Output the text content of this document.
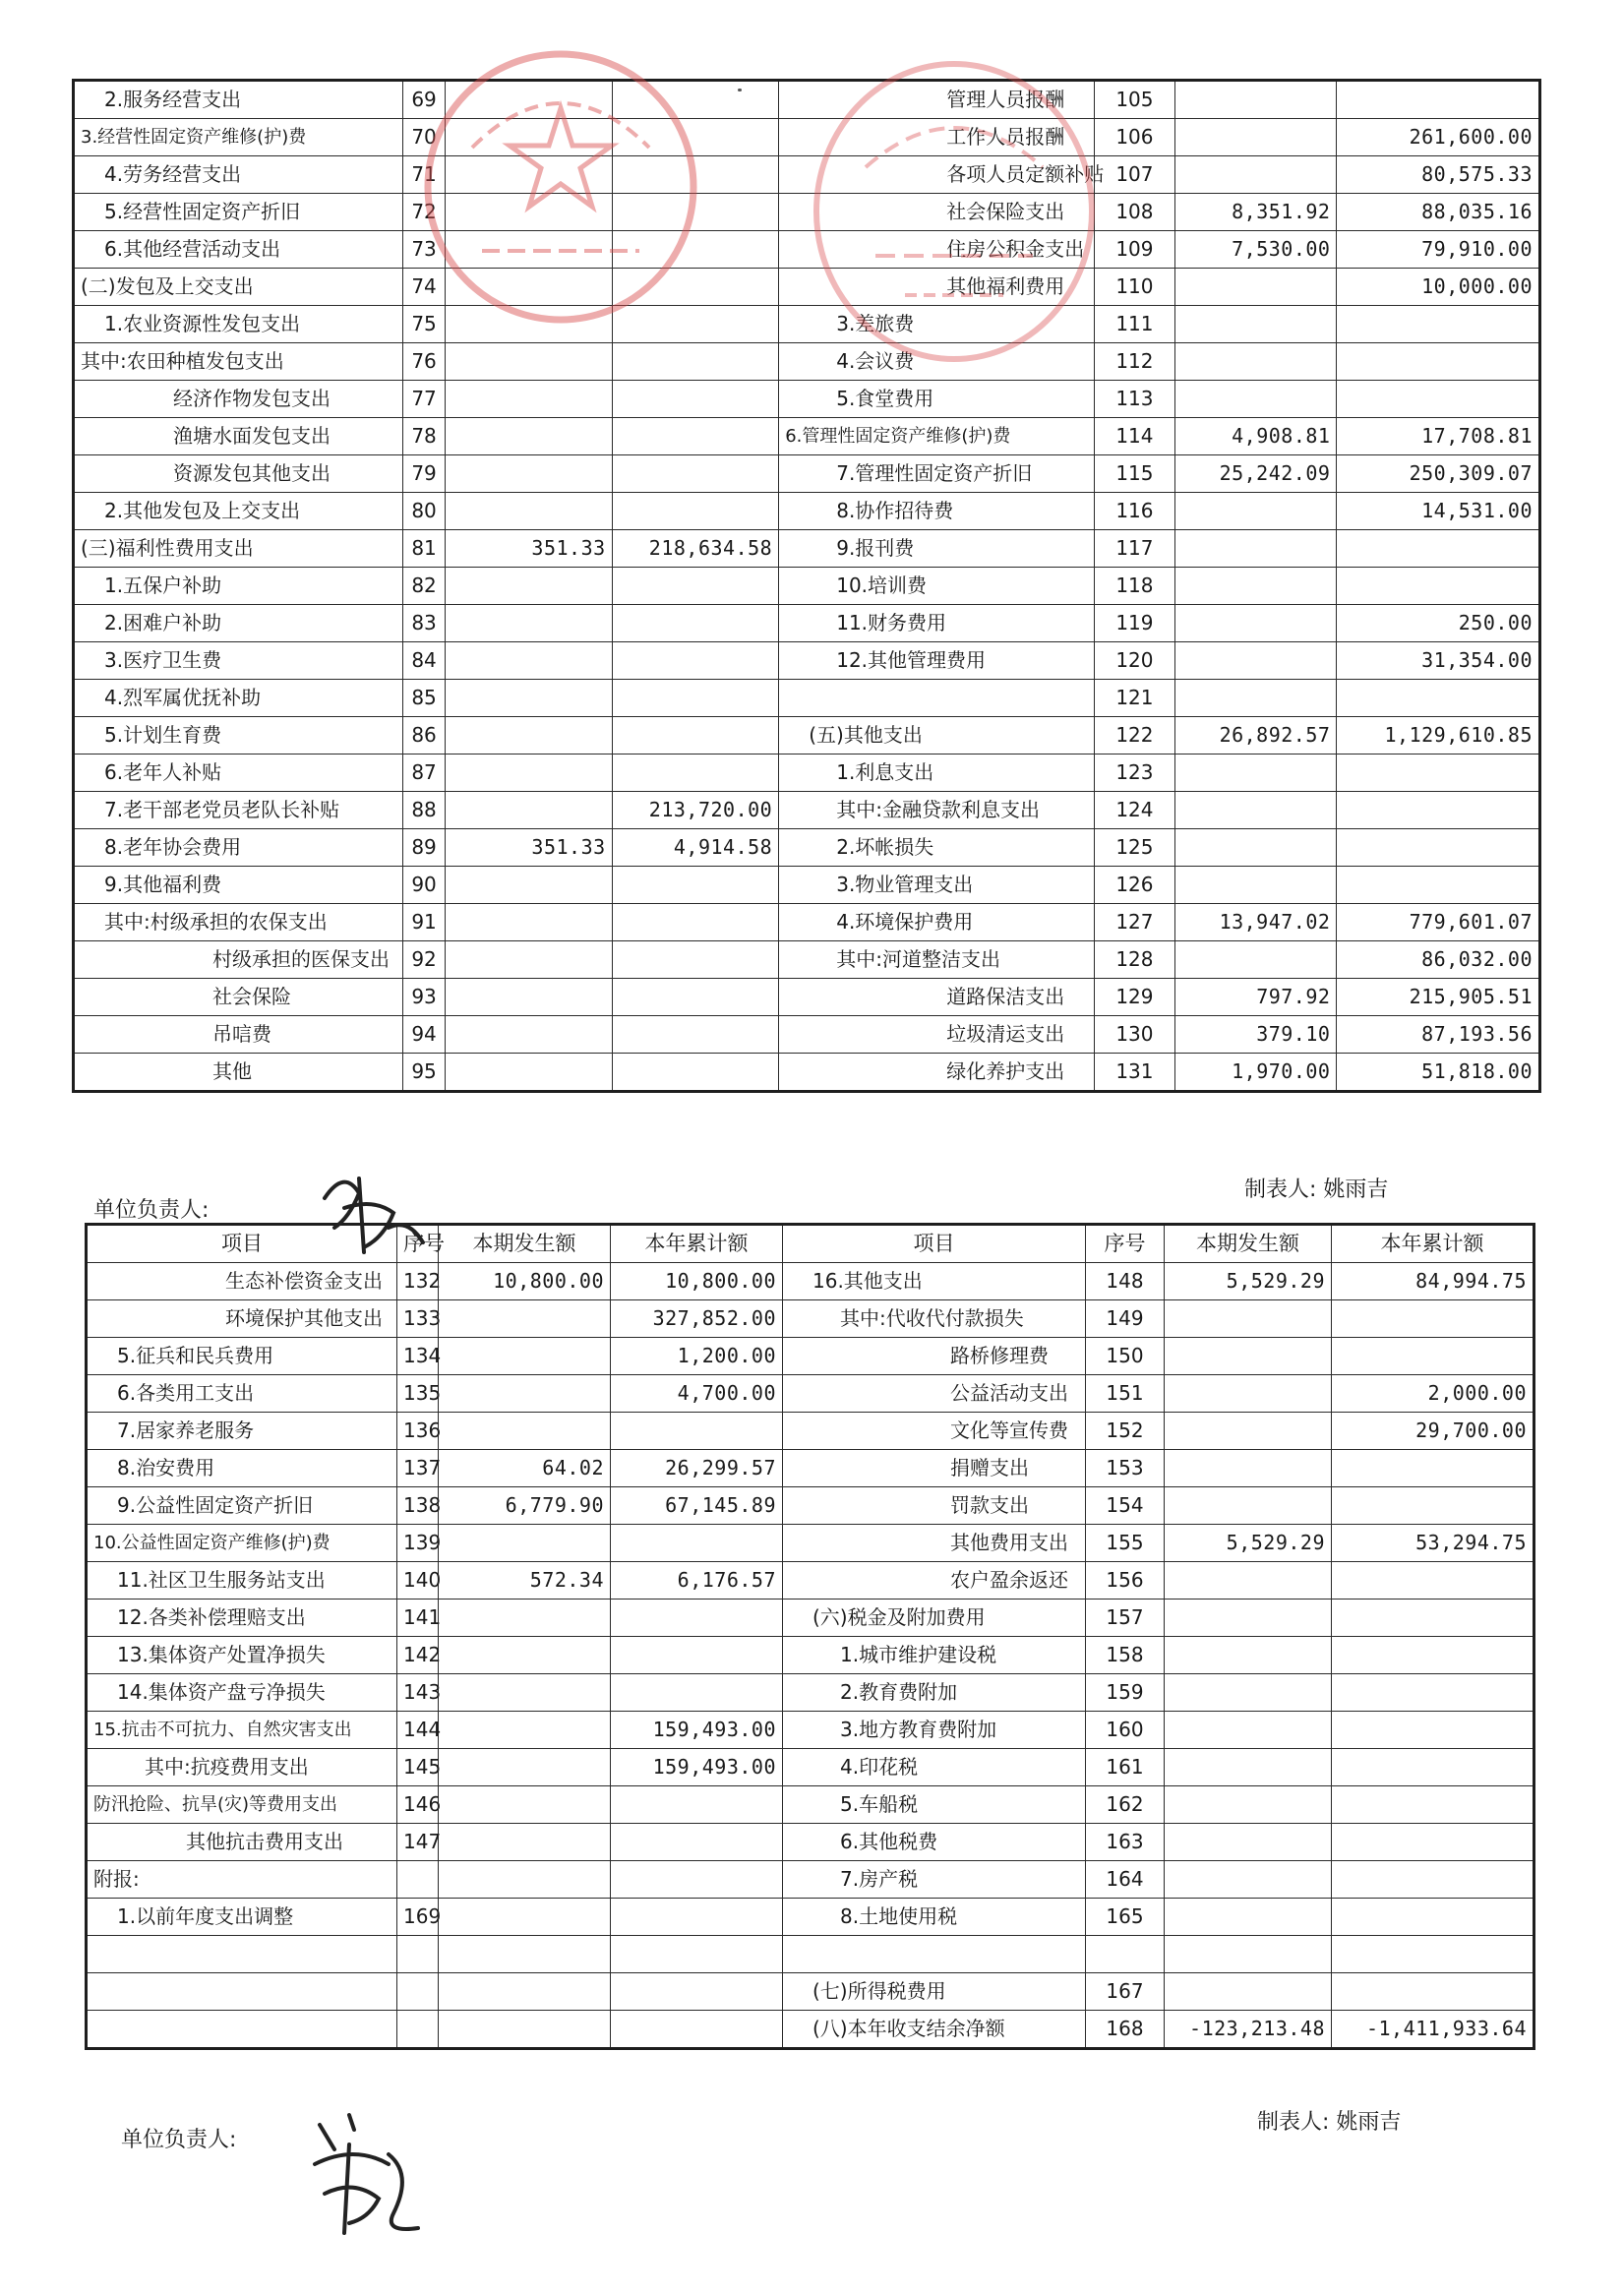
2.服务经营支出	69			管理人员报酬	105		
3.经营性固定资产维修(护)费	70			工作人员报酬	106		261,600.00
4.劳务经营支出	71			各项人员定额补贴	107		80,575.33
5.经营性固定资产折旧	72			社会保险支出	108	8,351.92	88,035.16
6.其他经营活动支出	73			住房公积金支出	109	7,530.00	79,910.00
(二)发包及上交支出	74			其他福利费用	110		10,000.00
1.农业资源性发包支出	75			3.差旅费	111		
其中:农田种植发包支出	76			4.会议费	112		
经济作物发包支出	77			5.食堂费用	113		
渔塘水面发包支出	78			6.管理性固定资产维修(护)费	114	4,908.81	17,708.81
资源发包其他支出	79			7.管理性固定资产折旧	115	25,242.09	250,309.07
2.其他发包及上交支出	80			8.协作招待费	116		14,531.00
(三)福利性费用支出	81	351.33	218,634.58	9.报刊费	117		
1.五保户补助	82			10.培训费	118		
2.困难户补助	83			11.财务费用	119		250.00
3.医疗卫生费	84			12.其他管理费用	120		31,354.00
4.烈军属优抚补助	85				121		
5.计划生育费	86			(五)其他支出	122	26,892.57	1,129,610.85
6.老年人补贴	87			1.利息支出	123		
7.老干部老党员老队长补贴	88		213,720.00	其中:金融贷款利息支出	124		
8.老年协会费用	89	351.33	4,914.58	2.坏帐损失	125		
9.其他福利费	90			3.物业管理支出	126		
其中:村级承担的农保支出	91			4.环境保护费用	127	13,947.02	779,601.07
村级承担的医保支出	92			其中:河道整洁支出	128		86,032.00
社会保险	93			道路保洁支出	129	797.92	215,905.51
吊唁费	94			垃圾清运支出	130	379.10	87,193.56
其他	95			绿化养护支出	131	1,970.00	51,818.00
单位负责人:
制表人: 姚雨吉
项目	序号	本期发生额	本年累计额	项目	序号	本期发生额	本年累计额
生态补偿资金支出	132	10,800.00	10,800.00	16.其他支出	148	5,529.29	84,994.75
环境保护其他支出	133		327,852.00	其中:代收代付款损失	149		
5.征兵和民兵费用	134		1,200.00	路桥修理费	150		
6.各类用工支出	135		4,700.00	公益活动支出	151		2,000.00
7.居家养老服务	136			文化等宣传费	152		29,700.00
8.治安费用	137	64.02	26,299.57	捐赠支出	153		
9.公益性固定资产折旧	138	6,779.90	67,145.89	罚款支出	154		
10.公益性固定资产维修(护)费	139			其他费用支出	155	5,529.29	53,294.75
11.社区卫生服务站支出	140	572.34	6,176.57	农户盈余返还	156		
12.各类补偿理赔支出	141			(六)税金及附加费用	157		
13.集体资产处置净损失	142			1.城市维护建设税	158		
14.集体资产盘亏净损失	143			2.教育费附加	159		
15.抗击不可抗力、自然灾害支出	144		159,493.00	3.地方教育费附加	160		
其中:抗疫费用支出	145		159,493.00	4.印花税	161		
防汛抢险、抗旱(灾)等费用支出	146			5.车船税	162		
其他抗击费用支出	147			6.其他税费	163		
附报:				7.房产税	164		
1.以前年度支出调整	169			8.土地使用税	165		

				(七)所得税费用	167		
				(八)本年收支结余净额	168	-123,213.48	-1,411,933.64
单位负责人:
制表人: 姚雨吉
